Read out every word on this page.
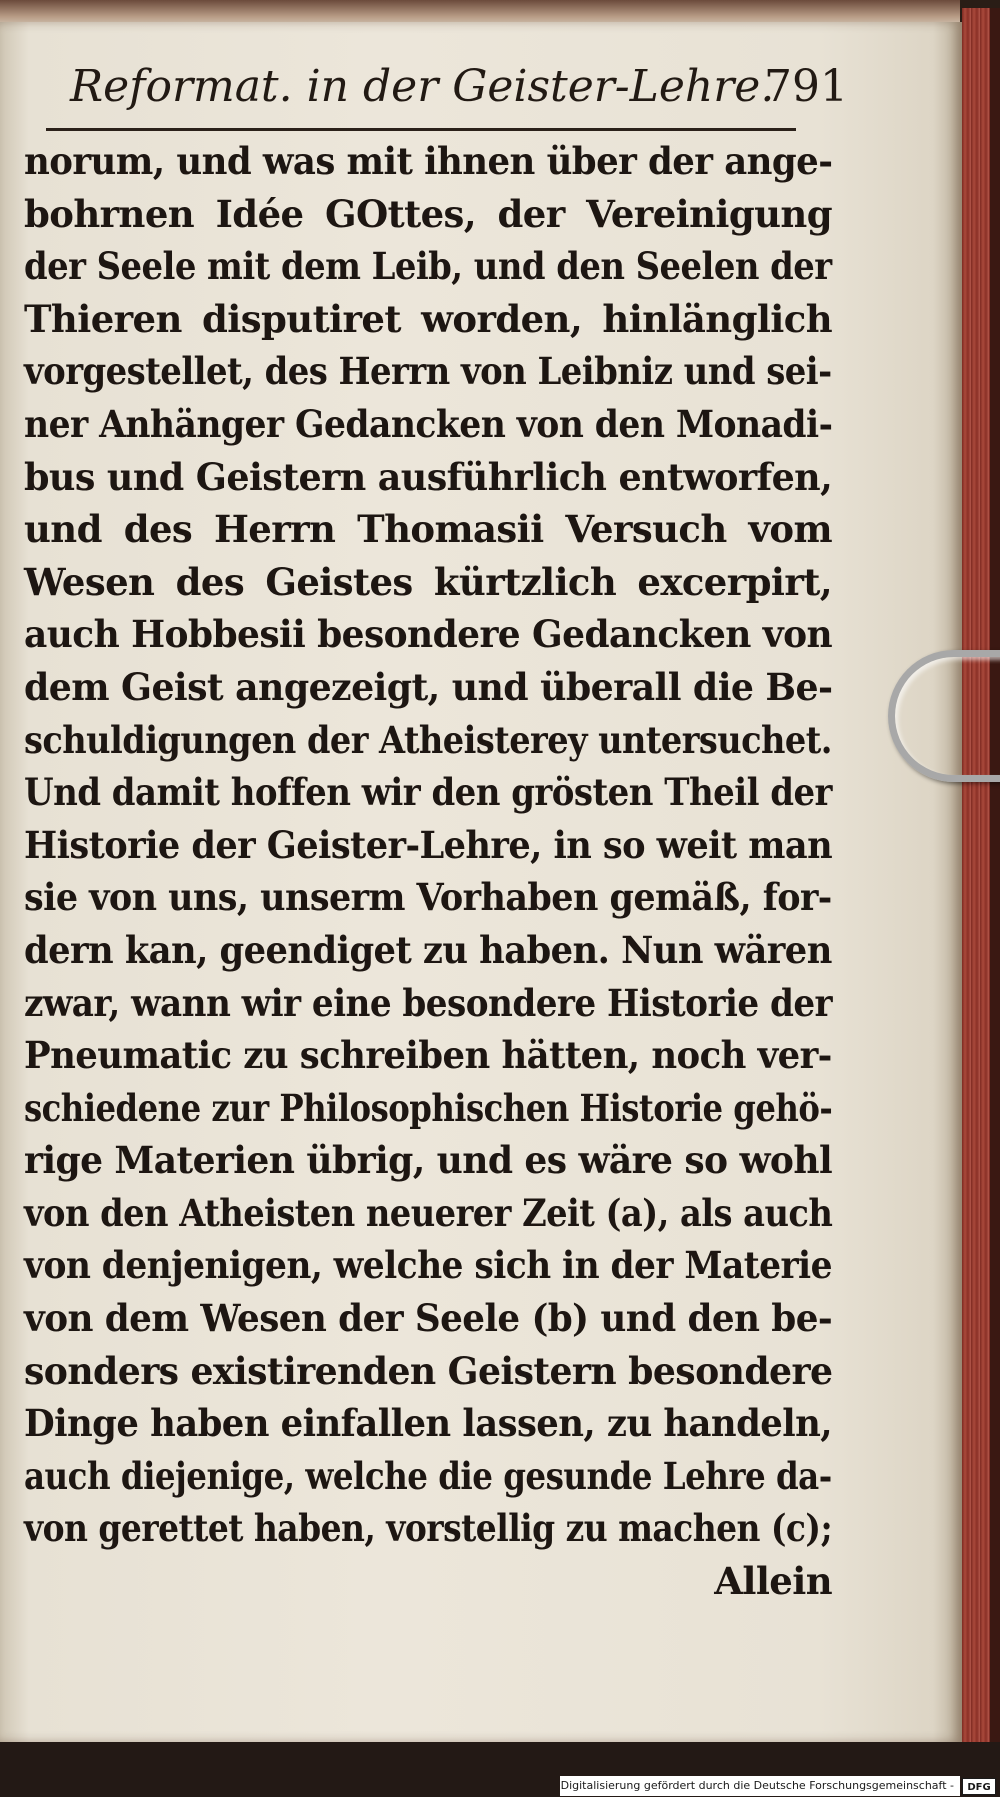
Reformat. in der Geister-Lehre.
791
norum, und was mit ihnen über der ange-
bohrnen Idée GOttes, der Vereinigung
der Seele mit dem Leib, und den Seelen der
Thieren disputiret worden, hinlänglich
vorgestellet, des Herrn von Leibniz und sei-
ner Anhänger Gedancken von den Monadi-
bus und Geistern ausführlich entworfen,
und des Herrn Thomasii Versuch vom
Wesen des Geistes kürtzlich excerpirt,
auch Hobbesii besondere Gedancken von
dem Geist angezeigt, und überall die Be-
schuldigungen der Atheisterey untersuchet.
Und damit hoffen wir den grösten Theil der
Historie der Geister-Lehre, in so weit man
sie von uns, unserm Vorhaben gemäß, for-
dern kan, geendiget zu haben. Nun wären
zwar, wann wir eine besondere Historie der
Pneumatic zu schreiben hätten, noch ver-
schiedene zur Philosophischen Historie gehö-
rige Materien übrig, und es wäre so wohl
von den Atheisten neuerer Zeit (a), als auch
von denjenigen, welche sich in der Materie
von dem Wesen der Seele (b) und den be-
sonders existirenden Geistern besondere
Dinge haben einfallen lassen, zu handeln,
auch diejenige, welche die gesunde Lehre da-
von gerettet haben, vorstellig zu machen (c);
Allein
Digitalisierung gefördert durch die Deutsche Forschungsgemeinschaft -	DFG
